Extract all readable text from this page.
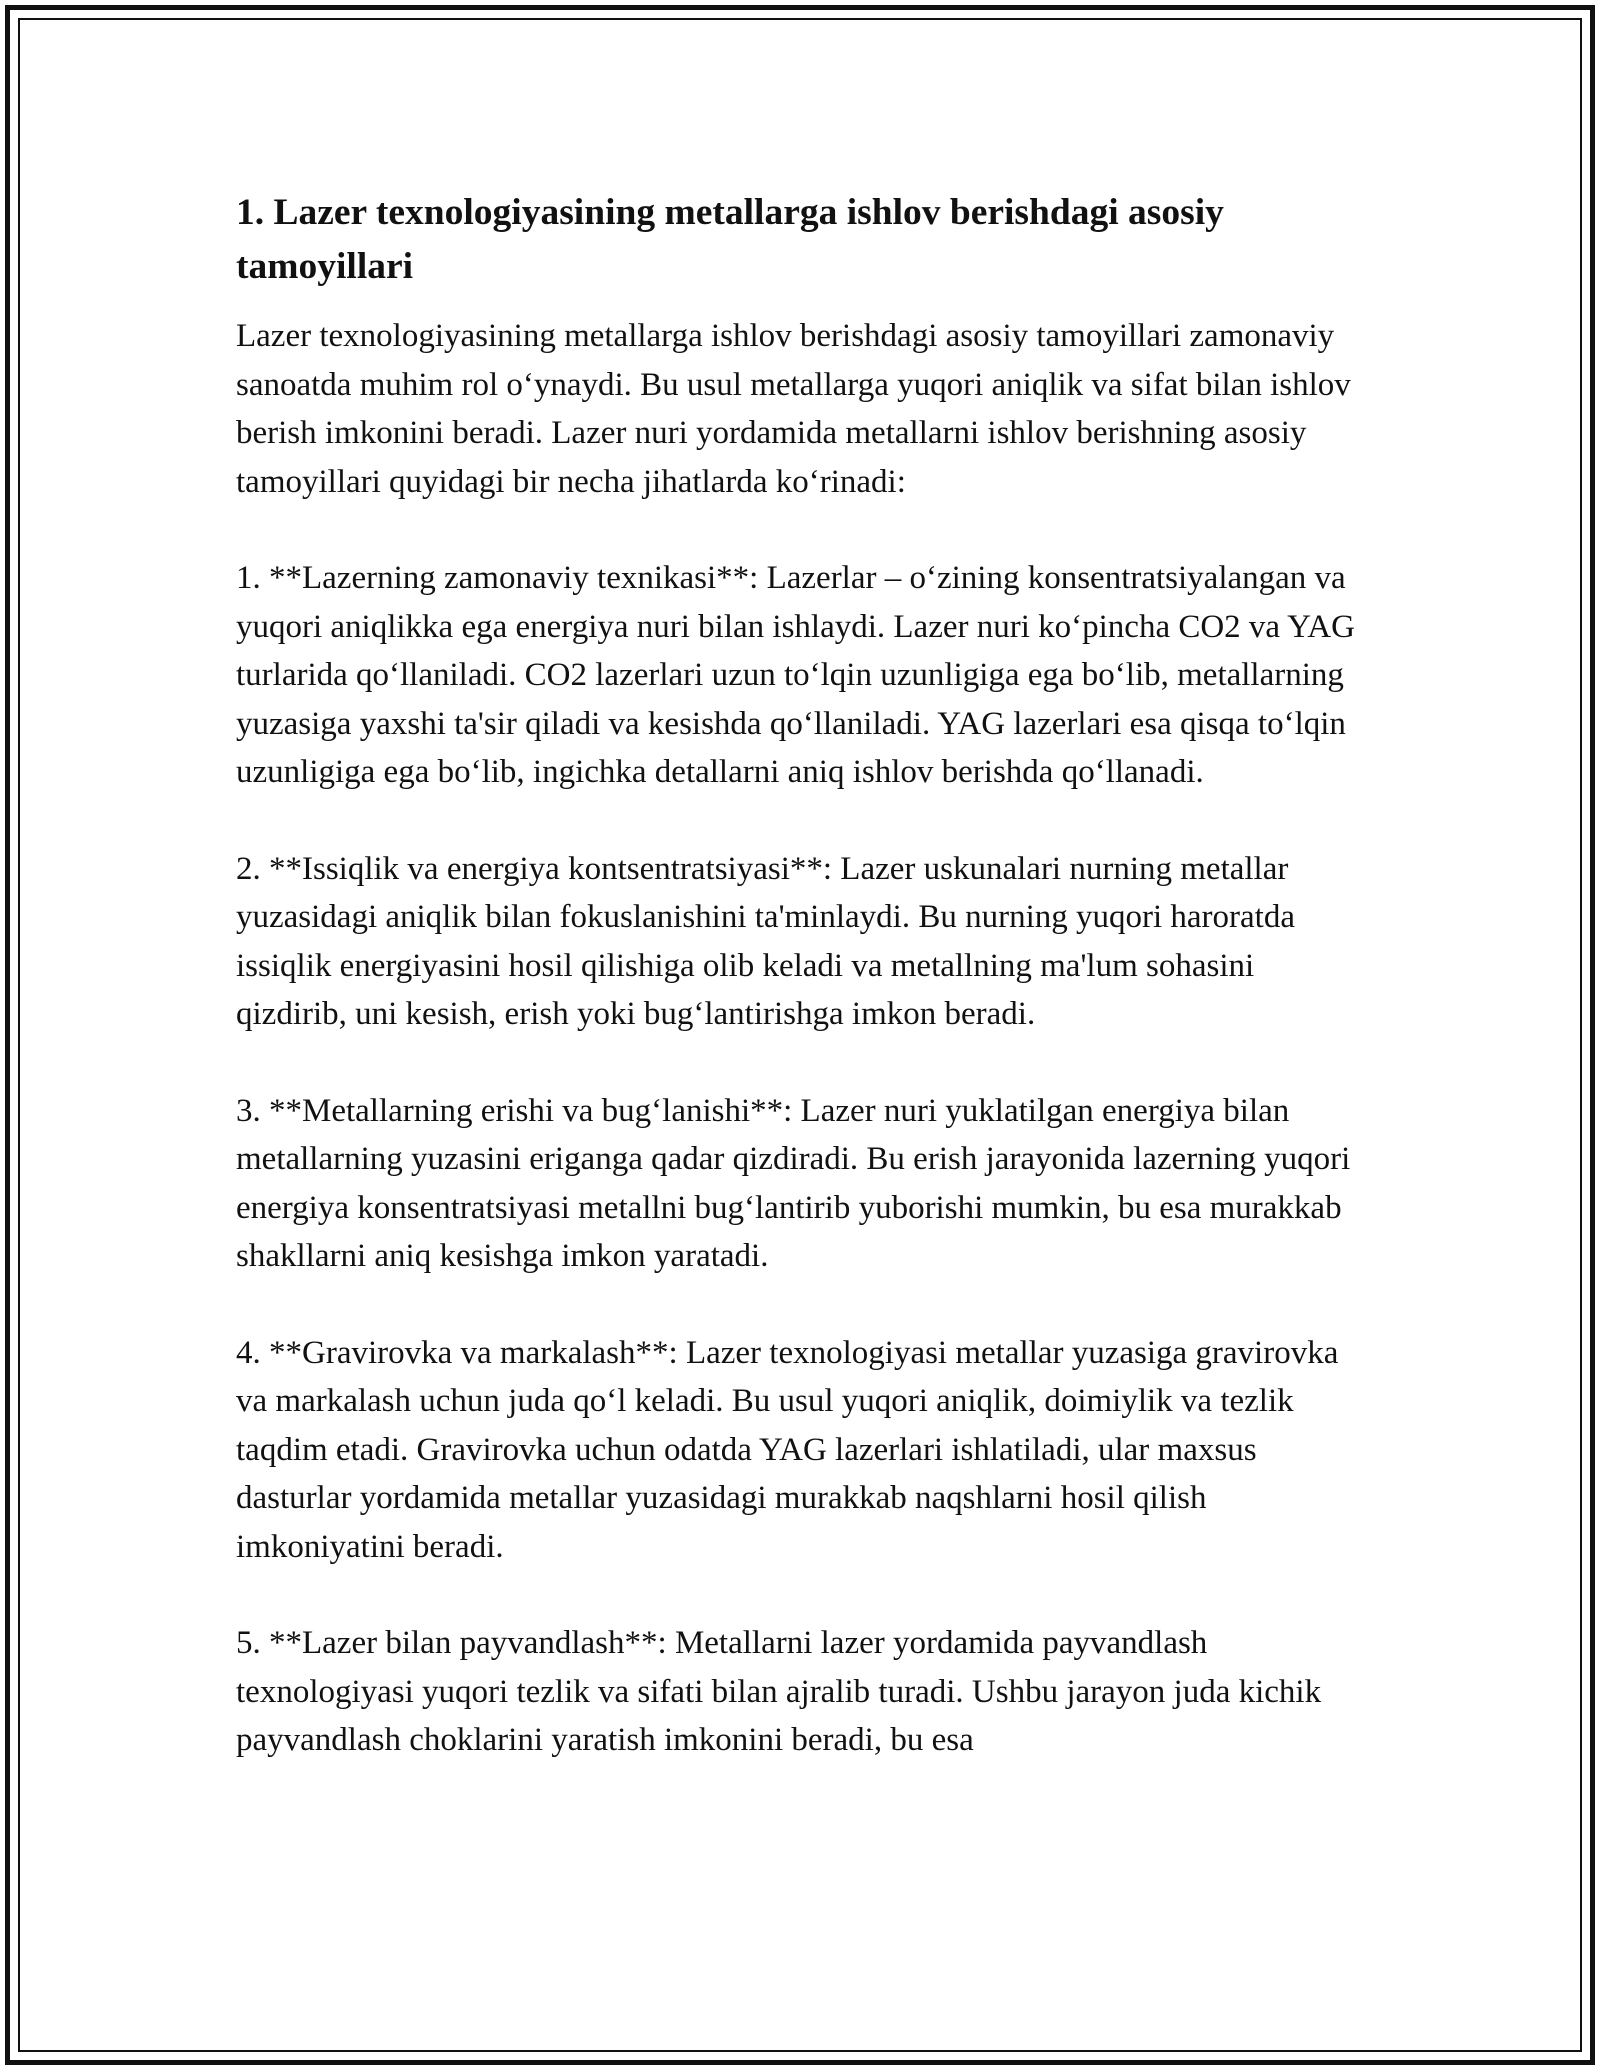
1. Lazer texnologiyasining metallarga ishlov berishdagi asosiy tamoyillari

Lazer texnologiyasining metallarga ishlov berishdagi asosiy tamoyillari zamonaviy sanoatda muhim rol o‘ynaydi. Bu usul metallarga yuqori aniqlik va sifat bilan ishlov berish imkonini beradi. Lazer nuri yordamida metallarni ishlov berishning asosiy tamoyillari quyidagi bir necha jihatlarda ko‘rinadi:

1. **Lazerning zamonaviy texnikasi**: Lazerlar – o‘zining konsentratsiyalangan va yuqori aniqlikka ega energiya nuri bilan ishlaydi. Lazer nuri ko‘pincha CO2 va YAG turlarida qo‘llaniladi. CO2 lazerlari uzun to‘lqin uzunligiga ega bo‘lib, metallarning yuzasiga yaxshi ta'sir qiladi va kesishda qo‘llaniladi. YAG lazerlari esa qisqa to‘lqin uzunligiga ega bo‘lib, ingichka detallarni aniq ishlov berishda qo‘llanadi.

2. **Issiqlik va energiya kontsentratsiyasi**: Lazer uskunalari nurning metallar yuzasidagi aniqlik bilan fokuslanishini ta'minlaydi. Bu nurning yuqori haroratda issiqlik energiyasini hosil qilishiga olib keladi va metallning ma'lum sohasini qizdirib, uni kesish, erish yoki bug‘lantirishga imkon beradi.

3. **Metallarning erishi va bug‘lanishi**: Lazer nuri yuklatilgan energiya bilan metallarning yuzasini eriganga qadar qizdiradi. Bu erish jarayonida lazerning yuqori energiya konsentratsiyasi metallni bug‘lantirib yuborishi mumkin, bu esa murakkab shakllarni aniq kesishga imkon yaratadi.

4. **Gravirovka va markalash**: Lazer texnologiyasi metallar yuzasiga gravirovka va markalash uchun juda qo‘l keladi. Bu usul yuqori aniqlik, doimiylik va tezlik taqdim etadi. Gravirovka uchun odatda YAG lazerlari ishlatiladi, ular maxsus dasturlar yordamida metallar yuzasidagi murakkab naqshlarni hosil qilish imkoniyatini beradi.

5. **Lazer bilan payvandlash**: Metallarni lazer yordamida payvandlash texnologiyasi yuqori tezlik va sifati bilan ajralib turadi. Ushbu jarayon juda kichik payvandlash choklarini yaratish imkonini beradi, bu esa
